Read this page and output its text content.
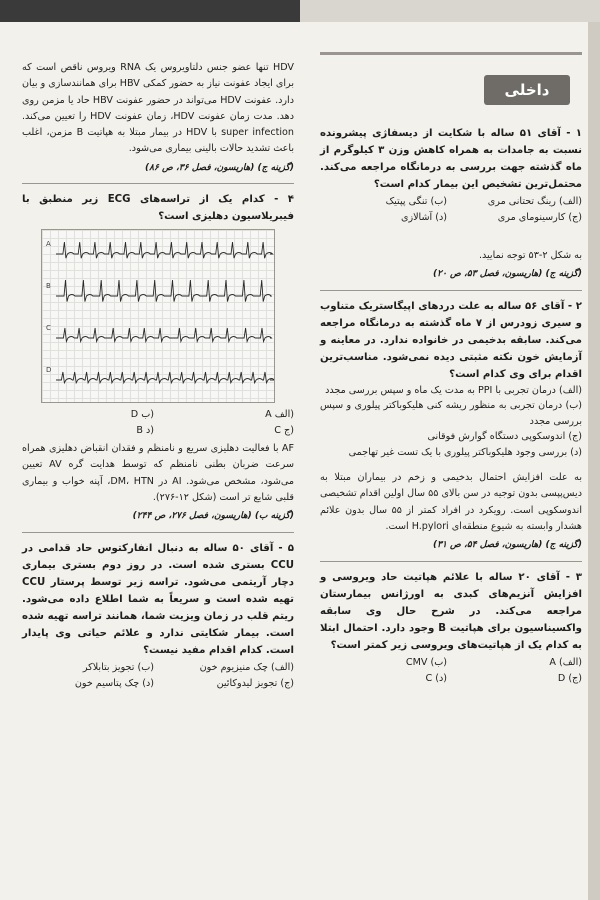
HDV تنها عضو جنس دلتاویروس یک RNA ویروس ناقص است که برای ایجاد عفونت نیاز به حضور کمکی HBV برای همانندسازی و بیان دارد. عفونت HDV می‌تواند در حضور عفونت HBV حاد یا مزمن روی دهد. مدت زمان عفونت HDV، زمان عفونت HDV را تعیین می‌کند. super infection با HDV در بیمار مبتلا به هپاتیت B مزمن، اغلب باعث تشدید حالات بالینی بیماری می‌شود.

(گزینه ج) (هاریسون، فصل ۳۶، ص ۸۶)

۴ - کدام یک از تراسه‌های ECG زیر منطبق با فیبریلاسیون دهلیزی است؟

A
B
C
D
(الف A
(ب D
(ج C
(د B

AF با فعالیت دهلیزی سریع و نامنظم و فقدان انقباض دهلیزی همراه سرعت ضربان بطنی نامنظم که توسط هدایت گره AV تعیین می‌شود، مشخص می‌شود. AI در DM، HTN، آپنه خواب و بیماری قلبی شایع تر است (شکل ۱۲-۲۷۶).

(گزینه ب) (هاریسون، فصل ۲۷۶، ص ۲۴۴)

۵ - آقای ۵۰ ساله به دنبال انفارکتوس حاد قدامی در CCU بستری شده است. در روز دوم بستری بیماری دچار آریتمی می‌شود. تراسه زیر توسط پرستار CCU تهیه شده است و سریعاً به شما اطلاع داده می‌شود. ریتم قلب در زمان ویزیت شما، همانند تراسه تهیه شده است. بیمار شکایتی ندارد و علائم حیاتی وی پایدار است. کدام اقدام مفید نیست؟

(الف) چک منیزیوم خون
(ب) تجویز بتابلاکر
(ج) تجویز لیدوکائین
(د) چک پتاسیم خون
داخلی

۱ - آقای ۵۱ ساله با شکایت از دیسفاژی پیشرونده نسبت به جامدات به همراه کاهش وزن ۳ کیلوگرم از ماه گذشته جهت بررسی به درمانگاه مراجعه می‌کند. محتمل‌ترین تشخیص این بیمار کدام است؟

(الف) رینگ تحتانی مری
(ب) تنگی پپتیک
(ج) کارسینومای مری
(د) آشالازی

به شکل ۲-۵۳ توجه نمایید.

(گزینه ج) (هاریسون، فصل ۵۳، ص ۲۰)

۲ - آقای ۵۶ ساله به علت دردهای اپیگاستریک متناوب و سیری زودرس از ۷ ماه گذشته به درمانگاه مراجعه می‌کند. سابقه بدخیمی در خانواده ندارد. در معاینه و آزمایش خون نکته مثبتی دیده نمی‌شود. مناسب‌ترین اقدام برای وی کدام است؟

(الف) درمان تجربی با PPI به مدت یک ماه و سپس بررسی مجدد
(ب) درمان تجربی به منظور ریشه کنی هلیکوباکتر پیلوری و سپس بررسی مجدد
(ج) اندوسکوپی دستگاه گوارش فوقانی
(د) بررسی وجود هلیکوباکتر پیلوری با یک تست غیر تهاجمی

به علت افزایش احتمال بدخیمی و زخم در بیماران مبتلا به دیس‌پپسی بدون توجیه در سن بالای ۵۵ سال اولین اقدام تشخیصی اندوسکوپی است. رویکرد در افراد کمتر از ۵۵ سال بدون علائم هشدار وابسته به شیوع منطقه‌ای H.pylori است.

(گزینه ج) (هاریسون، فصل ۵۴، ص ۳۱)

۳ - آقای ۲۰ ساله با علائم هپاتیت حاد ویروسی و افزایش آنزیم‌های کبدی به اورژانس بیمارستان مراجعه می‌کند. در شرح حال وی سابقه واکسیناسیون برای هپاتیت B وجود دارد. احتمال ابتلا به کدام یک از هپاتیت‌های ویروسی زیر کمتر است؟

(الف) A
(ب) CMV
(ج) D
(د) C
